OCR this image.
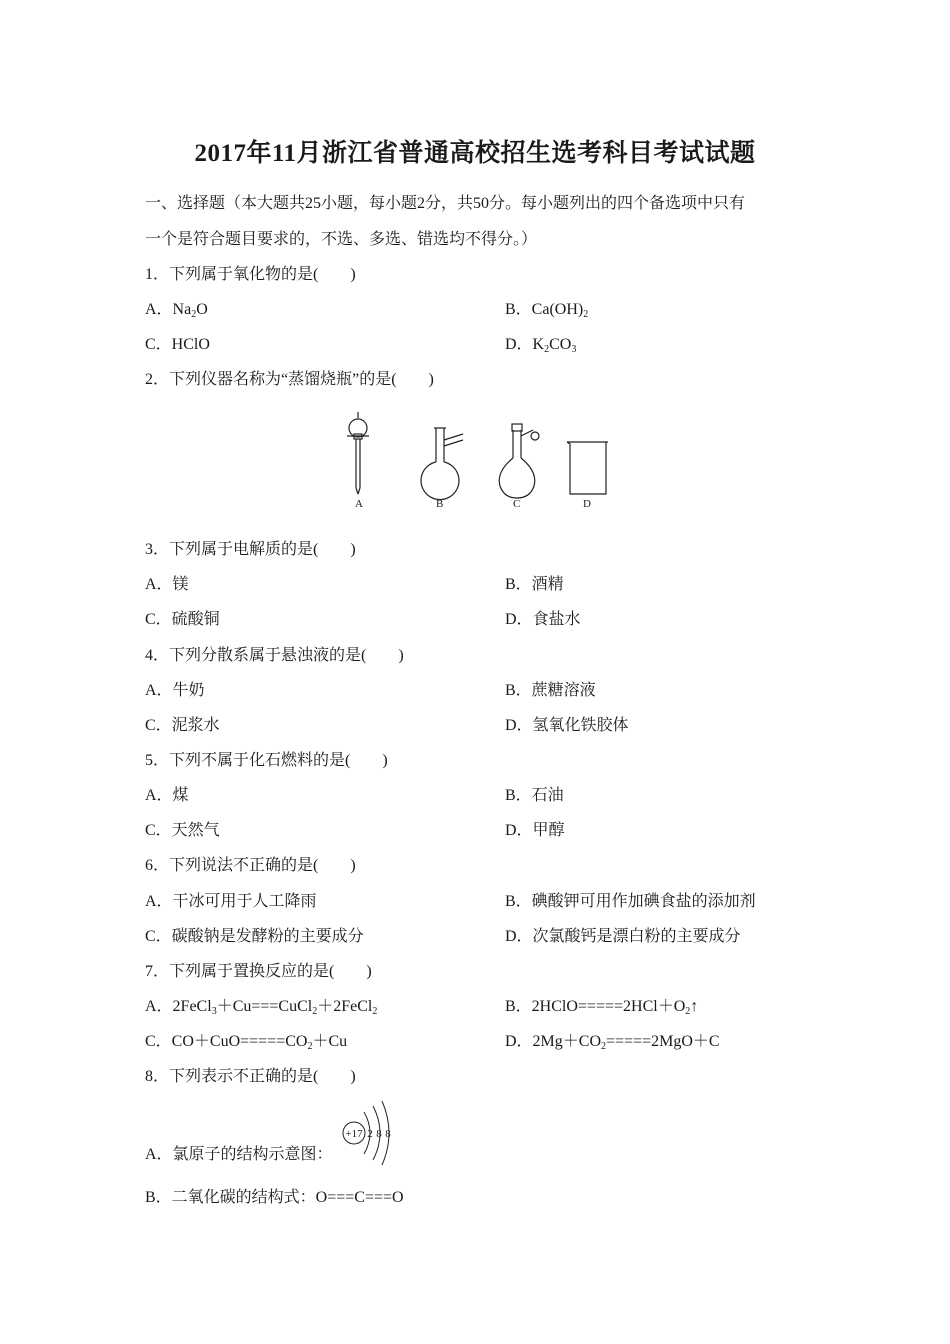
2017年11月浙江省普通高校招生选考科目考试试题
一、选择题（本大题共25小题，每小题2分，共50分。每小题列出的四个备选项中只有
一个是符合题目要求的，不选、多选、错选均不得分。）
1．下列属于氧化物的是(　　)
A．$Na_2O$	B．$Ca(OH)_2$
C．HClO	D．$K_2CO_3$
2．下列仪器名称为“蒸馏烧瓶”的是(　　)
A	B	C	D
3．下列属于电解质的是(　　)
A．镁	B．酒精
C．硫酸铜	D．食盐水
4．下列分散系属于悬浊液的是(　　)
A．牛奶	B．蔗糖溶液
C．泥浆水	D．氢氧化铁胶体
5．下列不属于化石燃料的是(　　)
A．煤	B．石油
C．天然气	D．甲醇
6．下列说法不正确的是(　　)
A．干冰可用于人工降雨	B．碘酸钾可用作加碘食盐的添加剂
C．碳酸钠是发酵粉的主要成分	D．次氯酸钙是漂白粉的主要成分
7．下列属于置换反应的是(　　)
A．2FeCl$_3$＋Cu===CuCl$_2$＋2FeCl$_2$	B．$2HClO=====2HCl+O_2↑$
C．$CO+CuO=====CO_2+Cu$	D．$2Mg+CO_2=====2MgO+C$
8．下列表示不正确的是(　　)
A．氯原子的结构示意图：
+17 2 8 8
B．二氧化碳的结构式：O===C===O
